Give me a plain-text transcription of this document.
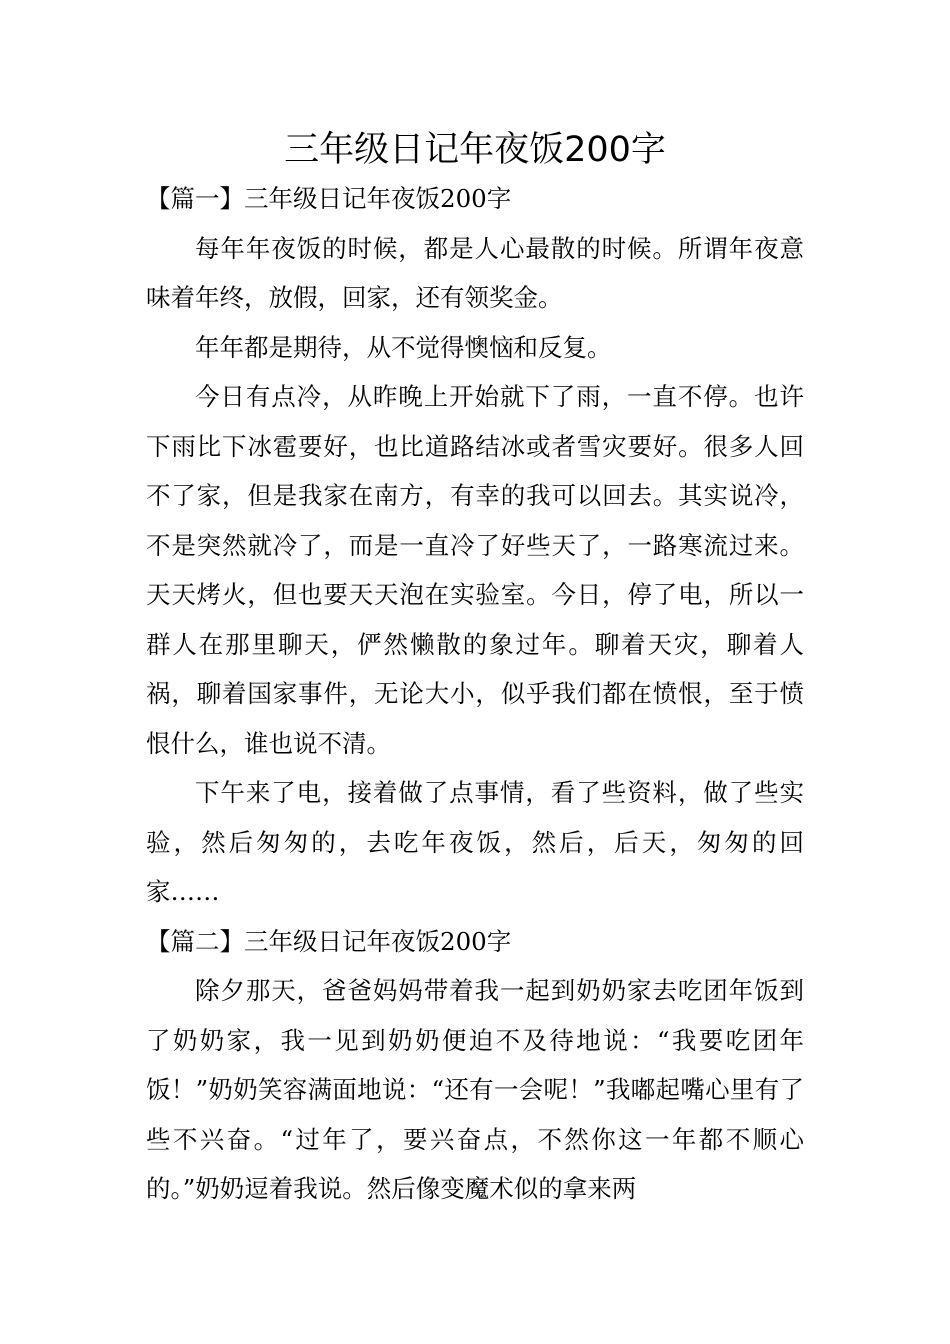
三年级日记年夜饭200字

【篇一】三年级日记年夜饭200字

每年年夜饭的时候，都是人心最散的时候。所谓年夜意味着年终，放假，回家，还有领奖金。

年年都是期待，从不觉得懊恼和反复。

今日有点冷，从昨晚上开始就下了雨，一直不停。也许下雨比下冰雹要好，也比道路结冰或者雪灾要好。很多人回不了家，但是我家在南方，有幸的我可以回去。其实说冷，不是突然就冷了，而是一直冷了好些天了，一路寒流过来。天天烤火，但也要天天泡在实验室。今日，停了电，所以一群人在那里聊天，俨然懒散的象过年。聊着天灾，聊着人祸，聊着国家事件，无论大小，似乎我们都在愤恨，至于愤恨什么，谁也说不清。

下午来了电，接着做了点事情，看了些资料，做了些实验，然后匆匆的，去吃年夜饭，然后，后天，匆匆的回家……

【篇二】三年级日记年夜饭200字

除夕那天，爸爸妈妈带着我一起到奶奶家去吃团年饭到了奶奶家，我一见到奶奶便迫不及待地说：“我要吃团年饭！”奶奶笑容满面地说：“还有一会呢！”我嘟起嘴心里有了些不兴奋。“过年了，要兴奋点，不然你这一年都不顺心的。”奶奶逗着我说。然后像变魔术似的拿来两
